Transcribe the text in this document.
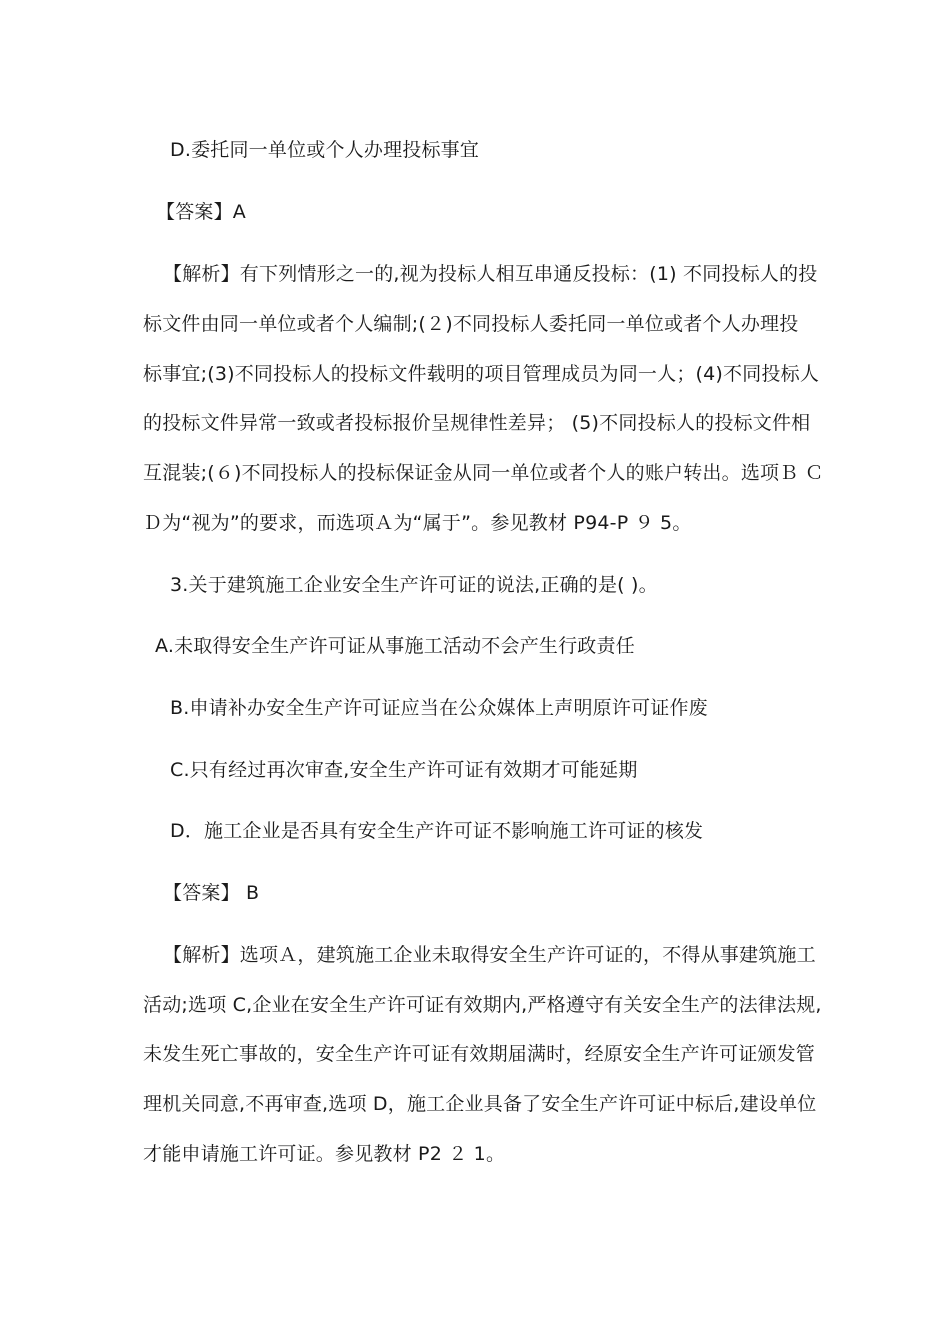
D.委托同一单位或个人办理投标事宜
【答案】A
【解析】有下列情形之一的,视为投标人相互串通反投标：(1) 不同投标人的投
标文件由同一单位或者个人编制;(２)不同投标人委托同一单位或者个人办理投
标事宜;(3)不同投标人的投标文件载明的项目管理成员为同一人；(4)不同投标人
的投标文件异常一致或者投标报价呈规律性差异； (5)不同投标人的投标文件相
互混装;(６)不同投标人的投标保证金从同一单位或者个人的账户转出。选项Ｂ Ｃ
Ｄ为“视为”的要求，而选项Ａ为“属于”。参见教材 P94-P ９ 5。
3.关于建筑施工企业安全生产许可证的说法,正确的是( )。
A.未取得安全生产许可证从事施工活动不会产生行政责任
B.申请补办安全生产许可证应当在公众媒体上声明原许可证作废
C.只有经过再次审查,安全生产许可证有效期才可能延期
D．施工企业是否具有安全生产许可证不影响施工许可证的核发
【答案】 B
【解析】选项Ａ，建筑施工企业未取得安全生产许可证的，不得从事建筑施工
活动;选项 C,企业在安全生产许可证有效期内,严格遵守有关安全生产的法律法规,
未发生死亡事故的，安全生产许可证有效期届满时，经原安全生产许可证颁发管
理机关同意,不再审查,选项 D，施工企业具备了安全生产许可证中标后,建设单位
才能申请施工许可证。参见教材 P2 ２ 1。
